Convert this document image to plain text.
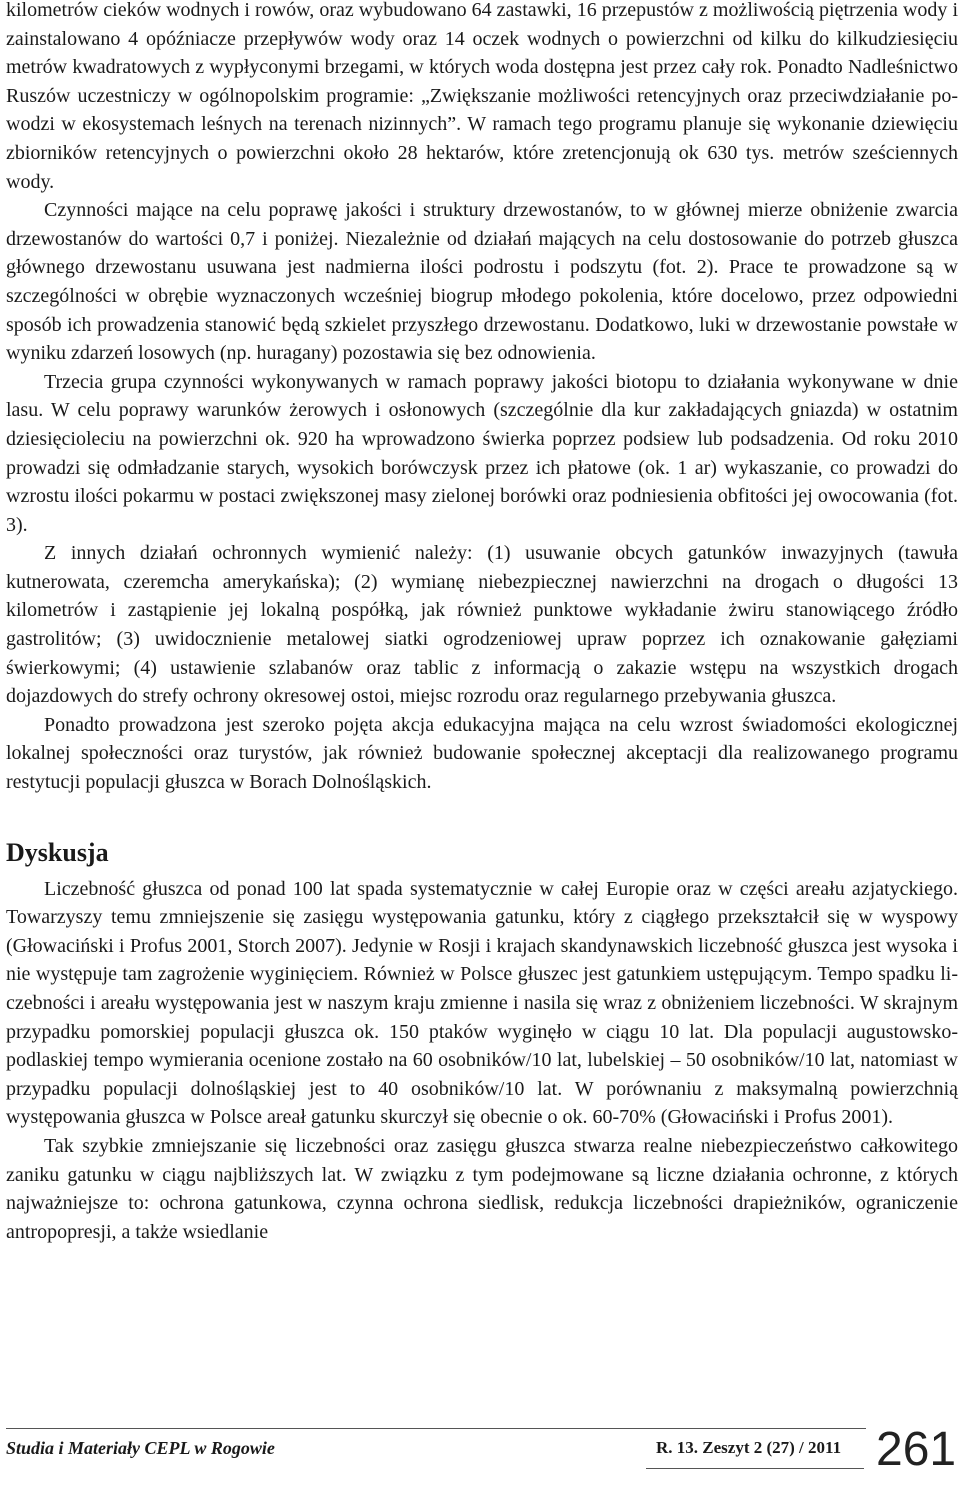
kilometrów cieków wodnych i rowów, oraz wybudowano 64 zastawki, 16 przepustów z możliwością piętrzenia wody i zainstalowano 4 opóźniacze przepływów wody oraz 14 oczek wodnych o powierzchni od kilku do kilkudziesięciu metrów kwadratowych z wypłyconymi brzegami, w których woda dostępna jest przez cały rok. Ponadto Nadleśnictwo Ruszów uczestniczy w ogólnopolskim programie: „Zwiększanie możliwości retencyjnych oraz przeciwdziałanie powodzi w ekosystemach leśnych na terenach nizinnych”. W ramach tego programu planuje się wykonanie dziewięciu zbiorników retencyjnych o powierzchni około 28 hektarów, które zretencjonują ok 630 tys. metrów sześciennych wody.

Czynności mające na celu poprawę jakości i struktury drzewostanów, to w głównej mierze obniżenie zwarcia drzewostanów do wartości 0,7 i poniżej. Niezależnie od działań mających na celu dostosowanie do potrzeb głuszca głównego drzewostanu usuwana jest nadmierna ilości podrostu i podszytu (fot. 2). Prace te prowadzone są w szczególności w obrębie wyznaczonych wcześniej biogrup młodego pokolenia, które docelowo, przez odpowiedni sposób ich prowadzenia stanowić będą szkielet przyszłego drzewostanu. Dodatkowo, luki w drzewostanie powstałe w wyniku zdarzeń losowych (np. huragany) pozostawia się bez odnowienia.

Trzecia grupa czynności wykonywanych w ramach poprawy jakości biotopu to działania wykonywane w dnie lasu. W celu poprawy warunków żerowych i osłonowych (szczególnie dla kur zakładających gniazda) w ostatnim dziesięcioleciu na powierzchni ok. 920 ha wprowadzono świerka poprzez podsiew lub podsadzenia. Od roku 2010 prowadzi się odmładzanie starych, wysokich borówczysk przez ich płatowe (ok. 1 ar) wykaszanie, co prowadzi do wzrostu ilości pokarmu w postaci zwiększonej masy zielonej borówki oraz podniesienia obfitości jej owocowania (fot. 3).

Z innych działań ochronnych wymienić należy: (1) usuwanie obcych gatunków inwazyjnych (tawuła kutnerowata, czeremcha amerykańska); (2) wymianę niebezpiecznej nawierzchni na drogach o długości 13 kilometrów i zastąpienie jej lokalną pospółką, jak również punktowe wykładanie żwiru stanowiącego źródło gastrolitów; (3) uwidocznienie metalowej siatki ogrodzeniowej upraw poprzez ich oznakowanie gałęziami świerkowymi; (4) ustawienie szlabanów oraz tablic z informacją o zakazie wstępu na wszystkich drogach dojazdowych do strefy ochrony okresowej ostoi, miejsc rozrodu oraz regularnego przebywania głuszca.

Ponadto prowadzona jest szeroko pojęta akcja edukacyjna mająca na celu wzrost świadomości ekologicznej lokalnej społeczności oraz turystów, jak również budowanie społecznej akceptacji dla realizowanego programu restytucji populacji głuszca w Borach Dolnośląskich.

Dyskusja

Liczebność głuszca od ponad 100 lat spada systematycznie w całej Europie oraz w części areału azjatyckiego. Towarzyszy temu zmniejszenie się zasięgu występowania gatunku, który z ciągłego przekształcił się w wyspowy (Głowaciński i Profus 2001, Storch 2007). Jedynie w Rosji i krajach skandynawskich liczebność głuszca jest wysoka i nie występuje tam zagrożenie wyginięciem. Również w Polsce głuszec jest gatunkiem ustępującym. Tempo spadku liczebności i areału występowania jest w naszym kraju zmienne i nasila się wraz z obniżeniem liczebności. W skrajnym przypadku pomorskiej populacji głuszca ok. 150 ptaków wyginęło w ciągu 10 lat. Dla populacji augustowsko-podlaskiej tempo wymierania ocenione zostało na 60 osobników/10 lat, lubelskiej – 50 osobników/10 lat, natomiast w przypadku populacji dolnośląskiej jest to 40 osobników/10 lat. W porównaniu z maksymalną powierzchnią występowania głuszca w Polsce areał gatunku skurczył się obecnie o ok. 60-70% (Głowaciński i Profus 2001).

Tak szybkie zmniejszanie się liczebności oraz zasięgu głuszca stwarza realne niebezpieczeństwo całkowitego zaniku gatunku w ciągu najbliższych lat. W związku z tym podejmowane są liczne działania ochronne, z których najważniejsze to: ochrona gatunkowa, czynna ochrona siedlisk, redukcja liczebności drapieżników, ograniczenie antropopresji, a także wsiedlanie

Studia i Materiały CEPL w Rogowie	R. 13. Zeszyt 2 (27) / 2011 261
